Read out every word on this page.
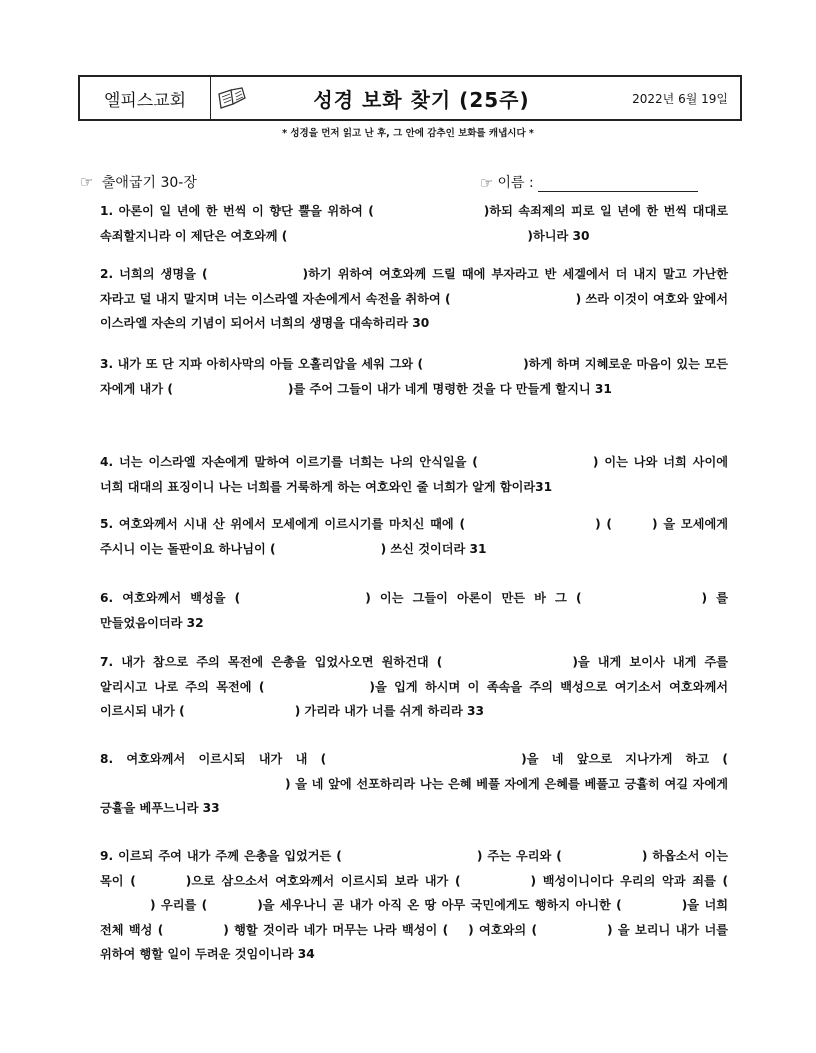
엘피스교회	성경 보화 찾기 (25주)	2022년 6월 19일
* 성경을 먼저 읽고 난 후, 그 안에 감추인 보화를 캐냅시다 *
☞ 출애굽기 30-장	☞ 이름 :
1. 아론이 일 년에 한 번씩 이 향단 뿔을 위하여 (	)하되 속죄제의 피로 일 년에 한 번씩 대대로 속죄할지니라 이 제단은 여호와께 (	)하니라 30
2. 너희의 생명을 (	)하기 위하여 여호와께 드릴 때에 부자라고 반 세겔에서 더 내지 말고 가난한 자라고 덜 내지 말지며 너는 이스라엘 자손에게서 속전을 취하여 (	) 쓰라 이것이 여호와 앞에서 이스라엘 자손의 기념이 되어서 너희의 생명을 대속하리라 30
3. 내가 또 단 지파 아히사막의 아들 오홀리압을 세워 그와 (	)하게 하며 지혜로운 마음이 있는 모든 자에게 내가 (	)를 주어 그들이 내가 네게 명령한 것을 다 만들게 할지니 31
4. 너는 이스라엘 자손에게 말하여 이르기를 너희는 나의 안식일을 (	) 이는 나와 너희 사이에 너희 대대의 표징이니 나는 너희를 거룩하게 하는 여호와인 줄 너희가 알게 함이라31
5. 여호와께서 시내 산 위에서 모세에게 이르시기를 마치신 때에 (	) (	) 을 모세에게 주시니 이는 돌판이요 하나님이 (	) 쓰신 것이더라 31
6. 여호와께서 백성을 (	) 이는 그들이 아론이 만든 바 그 (	) 를 만들었음이더라 32
7. 내가 참으로 주의 목전에 은총을 입었사오면 원하건대 (	)을 내게 보이사 내게 주를 알리시고 나로 주의 목전에 (	)을 입게 하시며 이 족속을 주의 백성으로 여기소서 여호와께서 이르시되 내가 (	) 가리라 내가 너를 쉬게 하리라 33
8. 여호와께서 이르시되 내가 내 (	)을 네 앞으로 지나가게 하고 () 을 네 앞에 선포하리라 나는 은혜 베풀 자에게 은혜를 베풀고 긍휼히 여길 자에게 긍휼을 베푸느니라 33
9. 이르되 주여 내가 주께 은총을 입었거든 (	) 주는 우리와 (	) 하옵소서 이는 목이 (	)으로 삼으소서 여호와께서 이르시되 보라 내가 (	) 백성이니이다 우리의 악과 죄를 () 우리를 (	)을 세우나니 곧 내가 아직 온 땅 아무 국민에게도 행하지 아니한 (	)을 너희 전체 백성 (	) 행할 것이라 네가 머무는 나라 백성이 ( ) 여호와의 (	) 을 보리니 내가 너를 위하여 행할 일이 두려운 것임이니라 34
